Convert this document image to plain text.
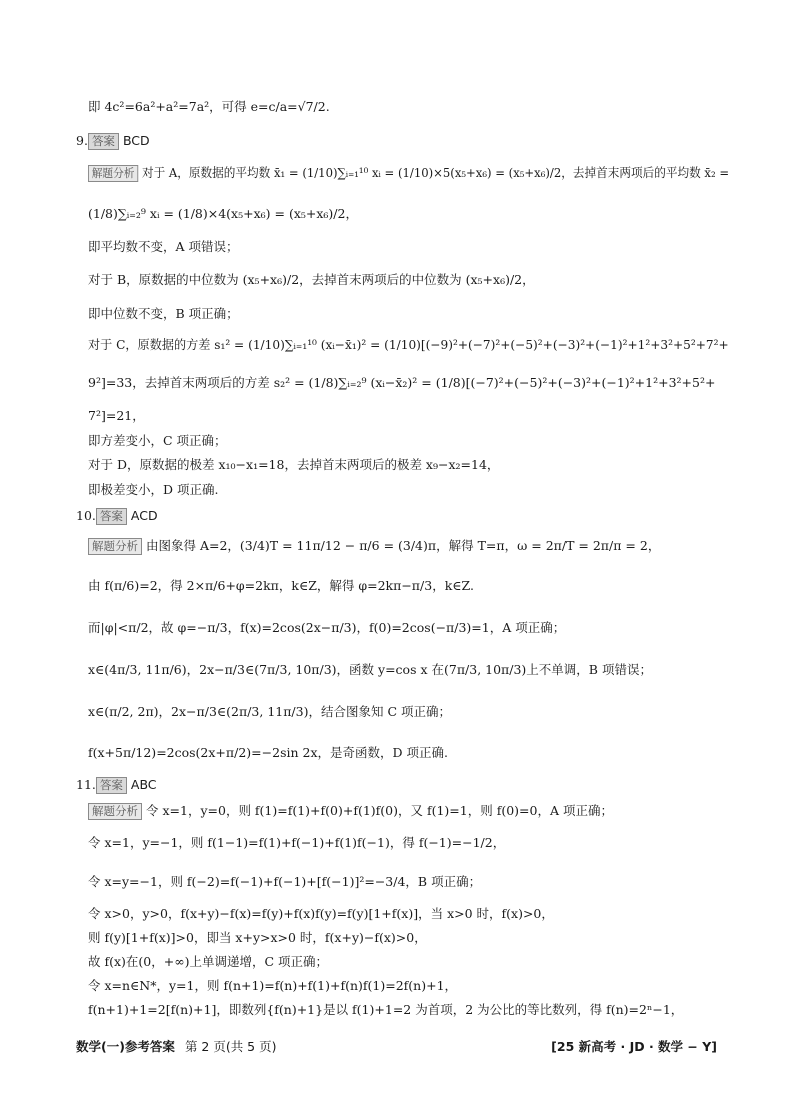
即 4c²=6a²+a²=7a²，可得 e=c/a=√7/2.
9. 答案 BCD
解题分析 对于 A，原数据的平均数 x̄₁ = (1/10)∑ᵢ₌₁¹⁰ xᵢ = (1/10)×5(x₅+x₆) = (x₅+x₆)/2，去掉首末两项后的平均数 x̄₂ =
(1/8)∑ᵢ₌₂⁹ xᵢ = (1/8)×4(x₅+x₆) = (x₅+x₆)/2，
即平均数不变，A 项错误；
对于 B，原数据的中位数为 (x₅+x₆)/2，去掉首末两项后的中位数为 (x₅+x₆)/2，
即中位数不变，B 项正确；
对于 C，原数据的方差 s₁² = (1/10)∑ᵢ₌₁¹⁰ (xᵢ−x̄₁)² = (1/10)[(−9)²+(−7)²+(−5)²+(−3)²+(−1)²+1²+3²+5²+7²+
9²]=33，去掉首末两项后的方差 s₂² = (1/8)∑ᵢ₌₂⁹ (xᵢ−x̄₂)² = (1/8)[(−7)²+(−5)²+(−3)²+(−1)²+1²+3²+5²+
7²]=21，
即方差变小，C 项正确；
对于 D，原数据的极差 x₁₀−x₁=18，去掉首末两项后的极差 x₉−x₂=14，
即极差变小，D 项正确.
10. 答案 ACD
解题分析 由图象得 A=2，(3/4)T = 11π/12 − π/6 = (3/4)π，解得 T=π，ω = 2π/T = 2π/π = 2，
由 f(π/6)=2，得 2×π/6+φ=2kπ，k∈Z，解得 φ=2kπ−π/3，k∈Z.
而|φ|<π/2，故 φ=−π/3，f(x)=2cos(2x−π/3)，f(0)=2cos(−π/3)=1，A 项正确；
x∈(4π/3, 11π/6)，2x−π/3∈(7π/3, 10π/3)，函数 y=cos x 在(7π/3, 10π/3)上不单调，B 项错误；
x∈(π/2, 2π)，2x−π/3∈(2π/3, 11π/3)，结合图象知 C 项正确；
f(x+5π/12)=2cos(2x+π/2)=−2sin 2x，是奇函数，D 项正确.
11. 答案 ABC
解题分析 令 x=1，y=0，则 f(1)=f(1)+f(0)+f(1)f(0)，又 f(1)=1，则 f(0)=0，A 项正确；
令 x=1，y=−1，则 f(1−1)=f(1)+f(−1)+f(1)f(−1)，得 f(−1)=−1/2，
令 x=y=−1，则 f(−2)=f(−1)+f(−1)+[f(−1)]²=−3/4，B 项正确；
令 x>0，y>0，f(x+y)−f(x)=f(y)+f(x)f(y)=f(y)[1+f(x)]，当 x>0 时，f(x)>0，
则 f(y)[1+f(x)]>0，即当 x+y>x>0 时，f(x+y)−f(x)>0，
故 f(x)在(0，+∞)上单调递增，C 项正确；
令 x=n∈N*，y=1，则 f(n+1)=f(n)+f(1)+f(n)f(1)=2f(n)+1，
f(n+1)+1=2[f(n)+1]，即数列{f(n)+1}是以 f(1)+1=2 为首项，2 为公比的等比数列，得 f(n)=2ⁿ−1，
数学(一)参考答案 第 2 页(共 5 页)	[25 新高考 · JD · 数学 − Y]
